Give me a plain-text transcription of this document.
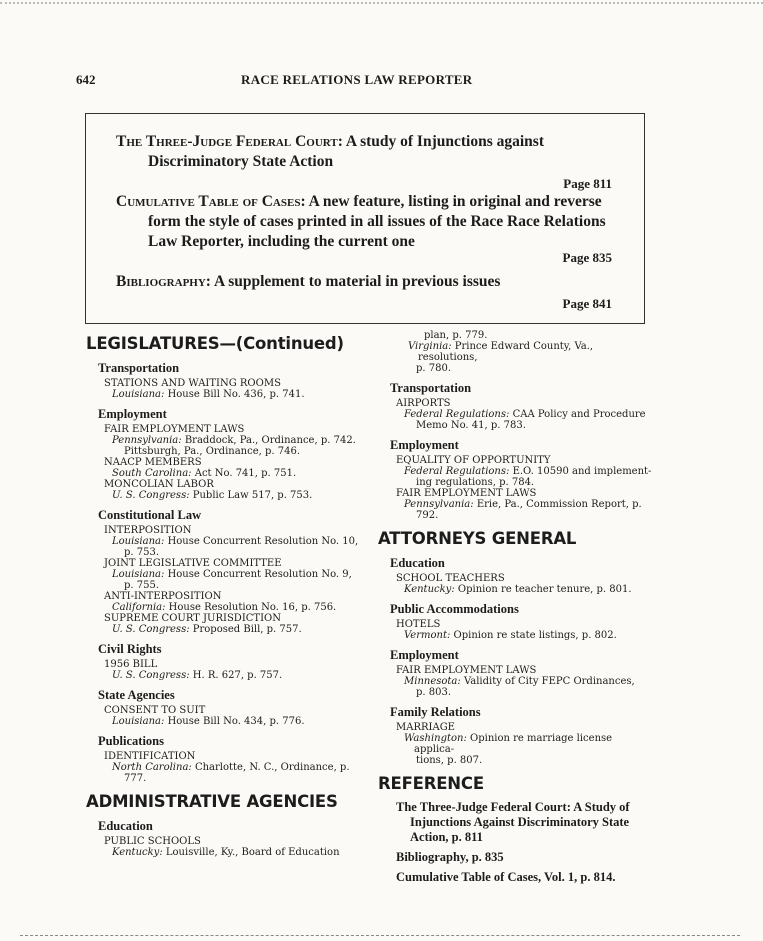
642	RACE RELATIONS LAW REPORTER
The Three-Judge Federal Court: A study of Injunctions against Discriminatory State Action
Page 811
Cumulative Table of Cases: A new feature, listing in original and reverse form the style of cases printed in all issues of the Race Race Relations Law Reporter, including the current one
Page 835
Bibliography: A supplement to material in previous issues
Page 841
LEGISLATURES—(Continued)
Transportation
STATIONS AND WAITING ROOMS
Louisiana: House Bill No. 436, p. 741.
Employment
FAIR EMPLOYMENT LAWS
Pennsylvania: Braddock, Pa., Ordinance, p. 742.
Pittsburgh, Pa., Ordinance, p. 746.
NAACP MEMBERS
South Carolina: Act No. 741, p. 751.
MONCOLIAN LABOR
U. S. Congress: Public Law 517, p. 753.
Constitutional Law
INTERPOSITION
Louisiana: House Concurrent Resolution No. 10,
p. 753.
JOINT LEGISLATIVE COMMITTEE
Louisiana: House Concurrent Resolution No. 9,
p. 755.
ANTI-INTERPOSITION
California: House Resolution No. 16, p. 756.
SUPREME COURT JURISDICTION
U. S. Congress: Proposed Bill, p. 757.
Civil Rights
1956 BILL
U. S. Congress: H. R. 627, p. 757.
State Agencies
CONSENT TO SUIT
Louisiana: House Bill No. 434, p. 776.
Publications
IDENTIFICATION
North Carolina: Charlotte, N. C., Ordinance, p.
777.
ADMINISTRATIVE AGENCIES
Education
PUBLIC SCHOOLS
Kentucky: Louisville, Ky., Board of Education
plan, p. 779.
Virginia: Prince Edward County, Va., resolutions,
p. 780.
Transportation
AIRPORTS
Federal Regulations: CAA Policy and Procedure
Memo No. 41, p. 783.
Employment
EQUALITY OF OPPORTUNITY
Federal Regulations: E.O. 10590 and implement-
ing regulations, p. 784.
FAIR EMPLOYMENT LAWS
Pennsylvania: Erie, Pa., Commission Report, p.
792.
ATTORNEYS GENERAL
Education
SCHOOL TEACHERS
Kentucky: Opinion re teacher tenure, p. 801.
Public Accommodations
HOTELS
Vermont: Opinion re state listings, p. 802.
Employment
FAIR EMPLOYMENT LAWS
Minnesota: Validity of City FEPC Ordinances,
p. 803.
Family Relations
MARRIAGE
Washington: Opinion re marriage license applica-
tions, p. 807.
REFERENCE
The Three-Judge Federal Court: A Study of Injunctions Against Discriminatory State Action, p. 811
Bibliography, p. 835
Cumulative Table of Cases, Vol. 1, p. 814.
